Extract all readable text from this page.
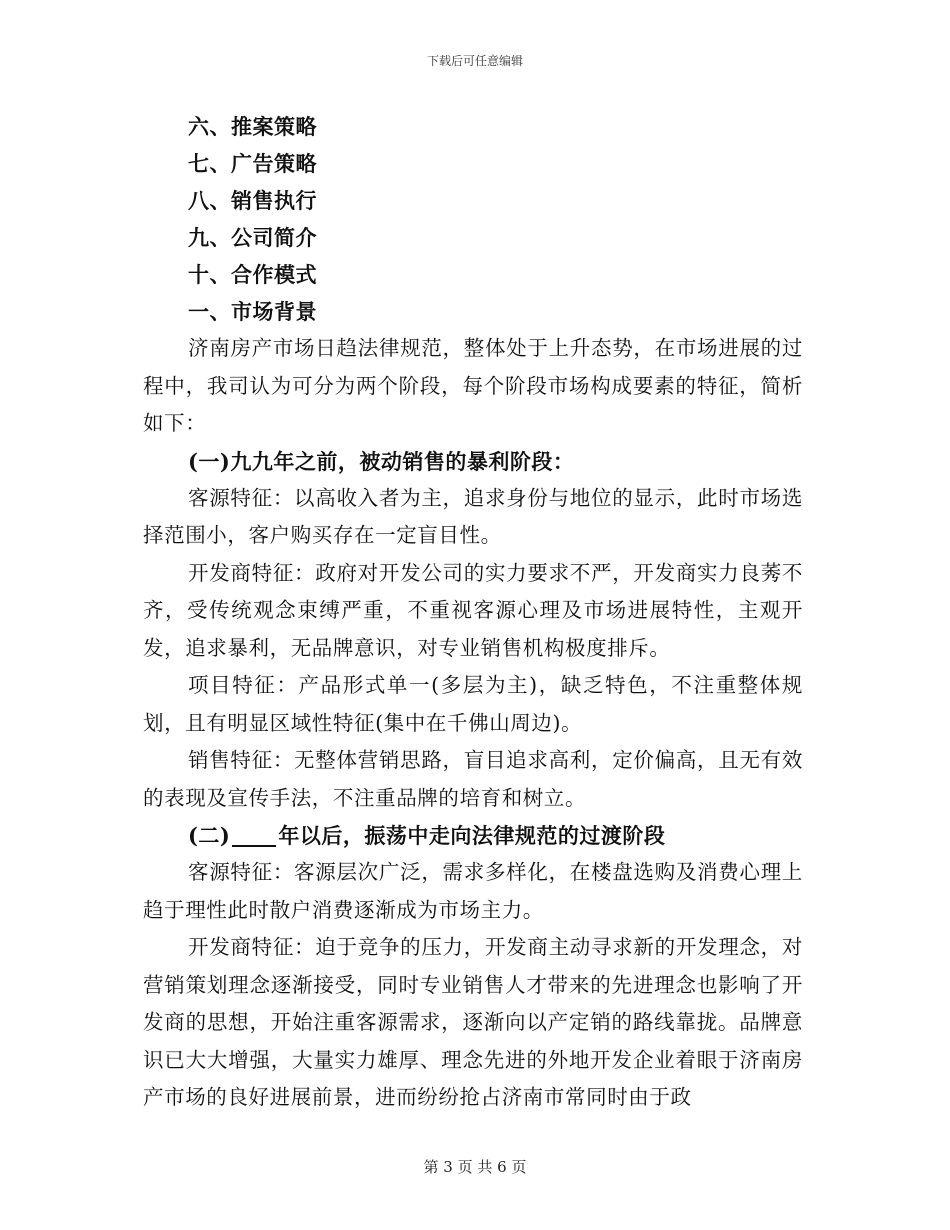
下载后可任意编辑
六、推案策略
七、广告策略
八、销售执行
九、公司简介
十、合作模式
一、市场背景
济南房产市场日趋法律规范，整体处于上升态势，在市场进展的过程中，我司认为可分为两个阶段，每个阶段市场构成要素的特征，简析如下：
(一)九九年之前，被动销售的暴利阶段：
客源特征：以高收入者为主，追求身份与地位的显示，此时市场选择范围小，客户购买存在一定盲目性。
开发商特征：政府对开发公司的实力要求不严，开发商实力良莠不齐，受传统观念束缚严重，不重视客源心理及市场进展特性，主观开发，追求暴利，无品牌意识，对专业销售机构极度排斥。
项目特征：产品形式单一(多层为主)，缺乏特色，不注重整体规划，且有明显区域性特征(集中在千佛山周边)。
销售特征：无整体营销思路，盲目追求高利，定价偏高，且无有效的表现及宣传手法，不注重品牌的培育和树立。
(二) 年以后，振荡中走向法律规范的过渡阶段
客源特征：客源层次广泛，需求多样化，在楼盘选购及消费心理上趋于理性此时散户消费逐渐成为市场主力。
开发商特征：迫于竞争的压力，开发商主动寻求新的开发理念，对营销策划理念逐渐接受，同时专业销售人才带来的先进理念也影响了开发商的思想，开始注重客源需求，逐渐向以产定销的路线靠拢。品牌意识已大大增强，大量实力雄厚、理念先进的外地开发企业着眼于济南房产市场的良好进展前景，进而纷纷抢占济南市常同时由于政
第 3 页 共 6 页
